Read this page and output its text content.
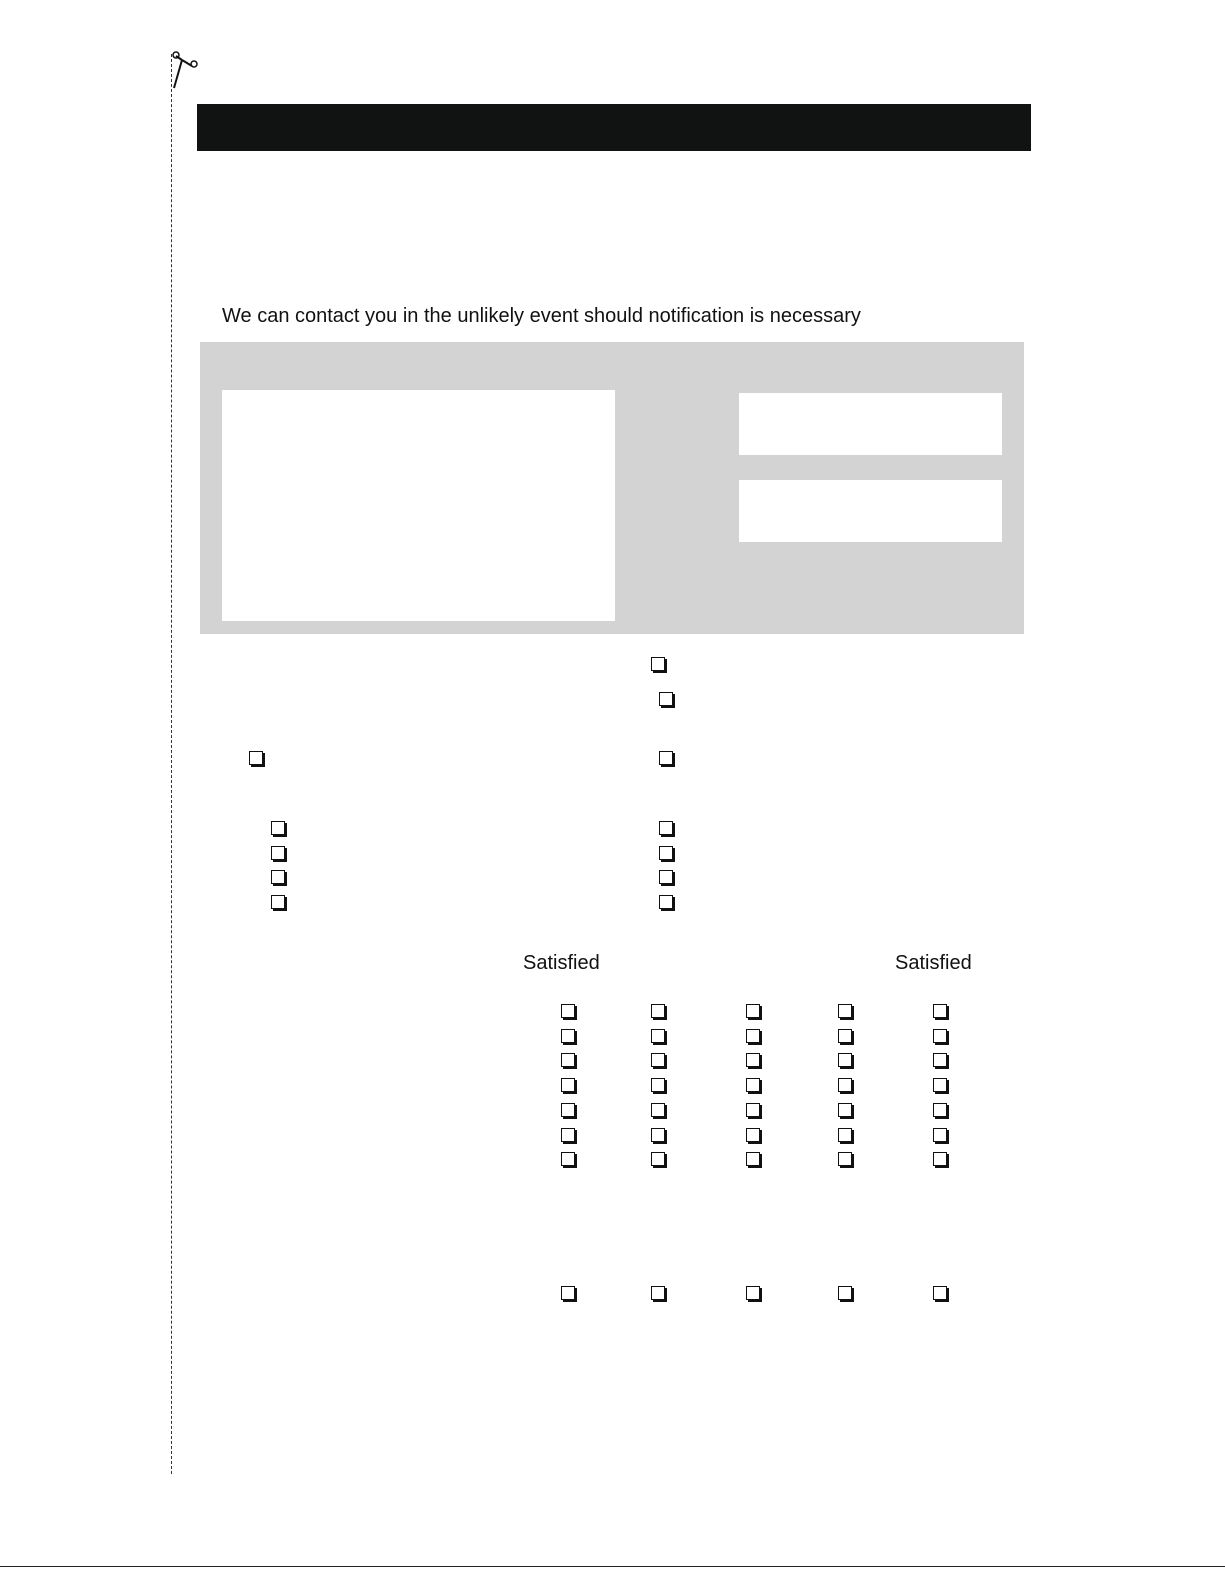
We can contact you in the unlikely event should notification is necessary
Satisfied	Satisfied
